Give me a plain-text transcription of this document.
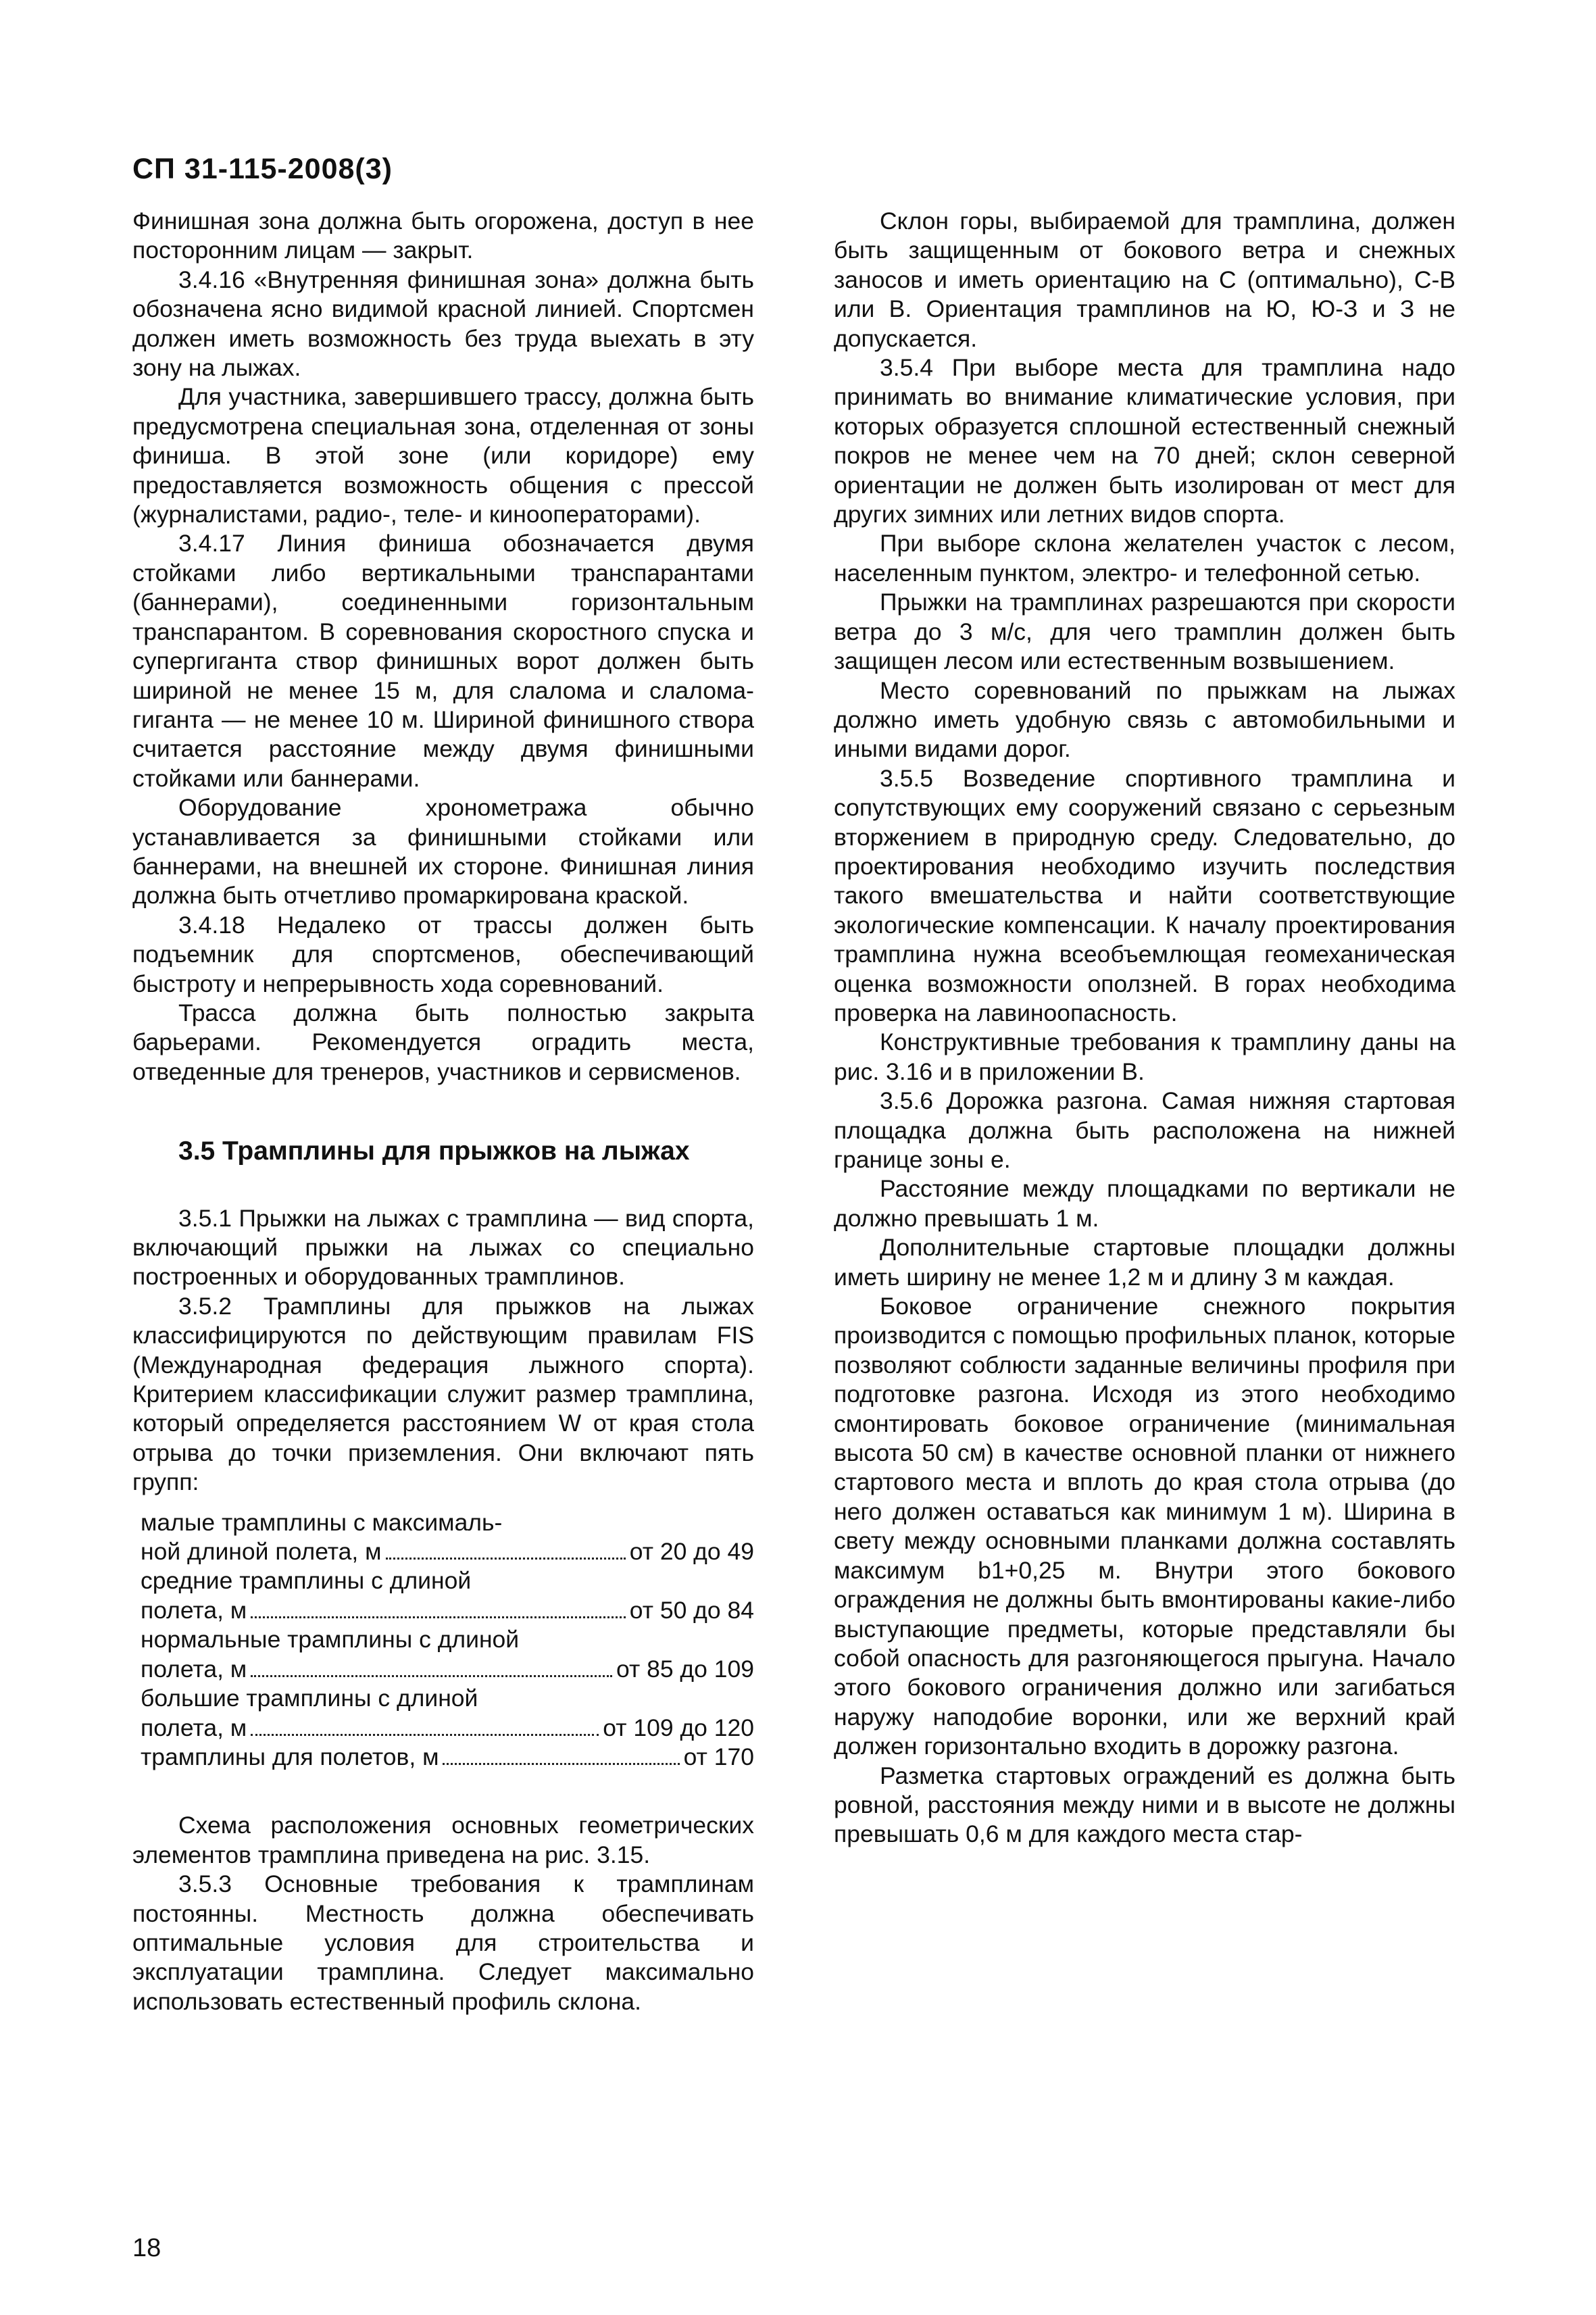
СП 31-115-2008(3)

Финишная зона должна быть огорожена, доступ в нее посторонним лицам — закрыт.

3.4.16 «Внутренняя финишная зона» должна быть обозначена ясно видимой красной линией. Спортсмен должен иметь возможность без труда выехать в эту зону на лыжах.

Для участника, завершившего трассу, должна быть предусмотрена специальная зона, отделенная от зоны финиша. В этой зоне (или коридоре) ему предоставляется возможность общения с прессой (журналистами, радио-, теле- и кинооператорами).

3.4.17 Линия финиша обозначается двумя стойками либо вертикальными транспарантами (баннерами), соединенными горизонтальным транспарантом. В соревнования скоростного спуска и супергиганта створ финишных ворот должен быть шириной не менее 15 м, для слалома и слалома-гиганта — не менее 10 м. Шириной финишного створа считается расстояние между двумя финишными стойками или баннерами.

Оборудование хронометража обычно устанавливается за финишными стойками или баннерами, на внешней их стороне. Финишная линия должна быть отчетливо промаркирована краской.

3.4.18 Недалеко от трассы должен быть подъемник для спортсменов, обеспечивающий быстроту и непрерывность хода соревнований.

Трасса должна быть полностью закрыта барьерами. Рекомендуется оградить места, отведенные для тренеров, участников и сервисменов.

3.5 Трамплины для прыжков на лыжах

3.5.1 Прыжки на лыжах с трамплина — вид спорта, включающий прыжки на лыжах со специально построенных и оборудованных трамплинов.

3.5.2 Трамплины для прыжков на лыжах классифицируются по действующим правилам FIS (Международная федерация лыжного спорта). Критерием классификации служит размер трамплина, который определяется расстоянием W от края стола отрыва до точки приземления. Они включают пять групп:

малые трамплины с максималь-
ной длиной полета, м	от 20 до 49
средние трамплины с длиной
полета, м	от 50 до 84
нормальные трамплины с длиной
полета, м	от 85 до 109
большие трамплины с длиной
полета, м	от 109 до 120
трамплины для полетов, м	от 170

Схема расположения основных геометрических элементов трамплина приведена на рис. 3.15.

3.5.3 Основные требования к трамплинам постоянны. Местность должна обеспечивать оптимальные условия для строительства и эксплуатации трамплина. Следует максимально использовать естественный профиль склона.

Склон горы, выбираемой для трамплина, должен быть защищенным от бокового ветра и снежных заносов и иметь ориентацию на С (оптимально), С-В или В. Ориентация трамплинов на Ю, Ю-З и З не допускается.

3.5.4 При выборе места для трамплина надо принимать во внимание климатические условия, при которых образуется сплошной естественный снежный покров не менее чем на 70 дней; склон северной ориентации не должен быть изолирован от мест для других зимних или летних видов спорта.

При выборе склона желателен участок с лесом, населенным пунктом, электро- и телефонной сетью.

Прыжки на трамплинах разрешаются при скорости ветра до 3 м/с, для чего трамплин должен быть защищен лесом или естественным возвышением.

Место соревнований по прыжкам на лыжах должно иметь удобную связь с автомобильными и иными видами дорог.

3.5.5 Возведение спортивного трамплина и сопутствующих ему сооружений связано с серьезным вторжением в природную среду. Следовательно, до проектирования необходимо изучить последствия такого вмешательства и найти соответствующие экологические компенсации. К началу проектирования трамплина нужна всеобъемлющая геомеханическая оценка возможности оползней. В горах необходима проверка на лавиноопасность.

Конструктивные требования к трамплину даны на рис. 3.16 и в приложении В.

3.5.6 Дорожка разгона. Самая нижняя стартовая площадка должна быть расположена на нижней границе зоны e.

Расстояние между площадками по вертикали не должно превышать 1 м.

Дополнительные стартовые площадки должны иметь ширину не менее 1,2 м и длину 3 м каждая.

Боковое ограничение снежного покрытия производится с помощью профильных планок, которые позволяют соблюсти заданные величины профиля при подготовке разгона. Исходя из этого необходимо смонтировать боковое ограничение (минимальная высота 50 см) в качестве основной планки от нижнего стартового места и вплоть до края стола отрыва (до него должен оставаться как минимум 1 м). Ширина в свету между основными планками должна составлять максимум b1+0,25 м. Внутри этого бокового ограждения не должны быть вмонтированы какие-либо выступающие предметы, которые представляли бы собой опасность для разгоняющегося прыгуна. Начало этого бокового ограничения должно или загибаться наружу наподобие воронки, или же верхний край должен горизонтально входить в дорожку разгона.

Разметка стартовых ограждений es должна быть ровной, расстояния между ними и в высоте не должны превышать 0,6 м для каждого места стар-

18
